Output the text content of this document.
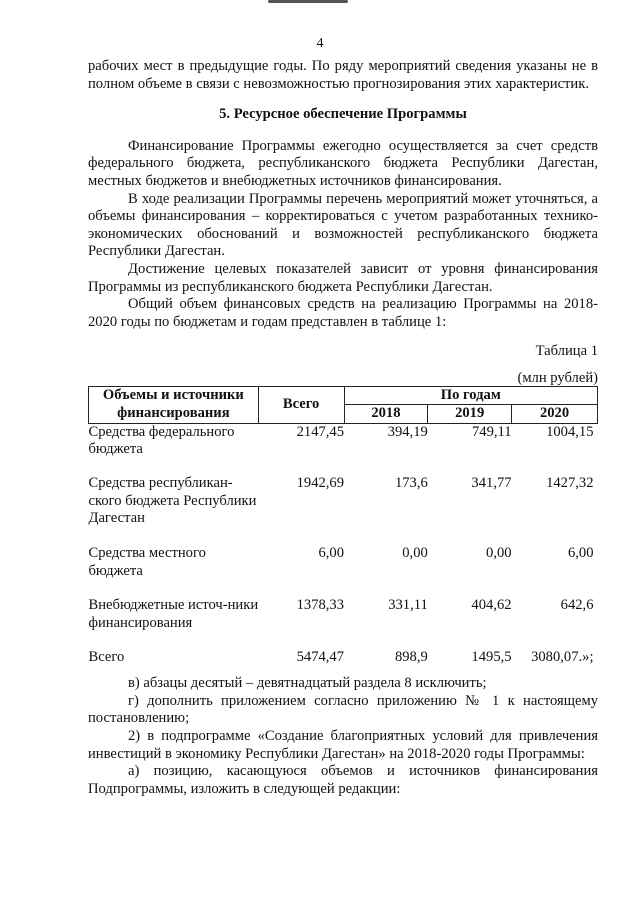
4

рабочих мест в предыдущие годы. По ряду мероприятий сведения указаны не в полном объеме в связи с невозможностью прогнозирования этих характеристик.

5. Ресурсное обеспечение Программы

Финансирование Программы ежегодно осуществляется за счет средств федерального бюджета, республиканского бюджета Республики Дагестан, местных бюджетов и внебюджетных источников финансирования.

В ходе реализации Программы перечень мероприятий может уточняться, а объемы финансирования – корректироваться с учетом разработанных технико-экономических обоснований и возможностей республиканского бюджета Республики Дагестан.

Достижение целевых показателей зависит от уровня финансирования Программы из республиканского бюджета Республики Дагестан.

Общий объем финансовых средств на реализацию Программы на 2018-2020 годы по бюджетам и годам представлен в таблице 1:

Таблица 1
(млн рублей)
Объемы и источники финансирования	Всего	По годам		
		2018	2019	2020
Средства федерального бюджета	2147,45	394,19	749,11	1004,15
Средства республикан-ского бюджета Республики Дагестан	1942,69	173,6	341,77	1427,32
Средства местного бюджета	6,00	0,00	0,00	6,00
Внебюджетные источ-ники финансирования	1378,33	331,11	404,62	642,6
Всего	5474,47	898,9	1495,5	3080,07.»;

в) абзацы десятый – девятнадцатый раздела 8 исключить;

г) дополнить приложением согласно приложению № 1 к настоящему постановлению;

2) в подпрограмме «Создание благоприятных условий для привлечения инвестиций в экономику Республики Дагестан» на 2018-2020 годы Программы:

а) позицию, касающуюся объемов и источников финансирования Подпрограммы, изложить в следующей редакции:
